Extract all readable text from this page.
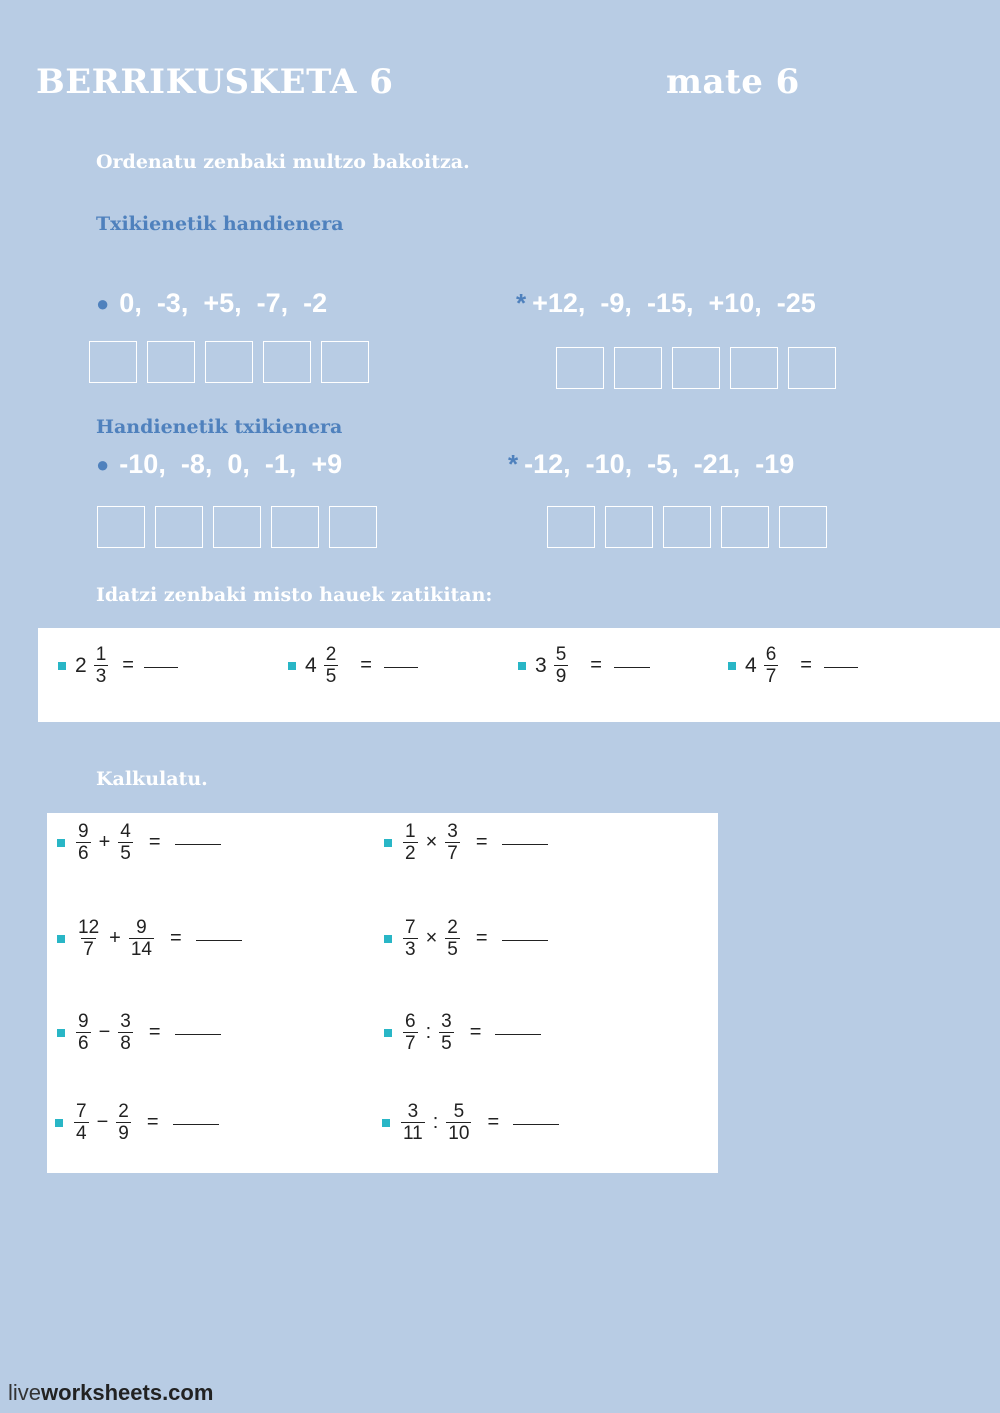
BERRIKUSKETA 6	mate 6
Ordenatu zenbaki multzo bakoitza.
Txikienetik handienera
● 0,  -3,  +5,  -7,  -2	* +12,  -9,  -15,  +10,  -25
Handienetik txikienera
● -10,  -8,  0,  -1,  +9	* -12,  -10,  -5,  -21,  -19
Idatzi zenbaki misto hauek zatikitan:
$2 \frac{1}{3}$ =	$4 \frac{2}{5}$ =	$3 \frac{5}{9}$ =	$4 \frac{6}{7}$ =
Kalkulatu.
$\frac{9}{6} + \frac{4}{5}$ =	$\frac{1}{2} \times \frac{3}{7}$ =
$\frac{12}{7} + \frac{9}{14}$ =	$\frac{7}{3} \times \frac{2}{5}$ =
$\frac{9}{6} - \frac{3}{8}$ =	$\frac{6}{7}$ : $\frac{3}{5}$ =
$\frac{7}{4} - \frac{2}{9}$ =	$\frac{3}{11}$ : $\frac{5}{10}$ =
liveworksheets.com
